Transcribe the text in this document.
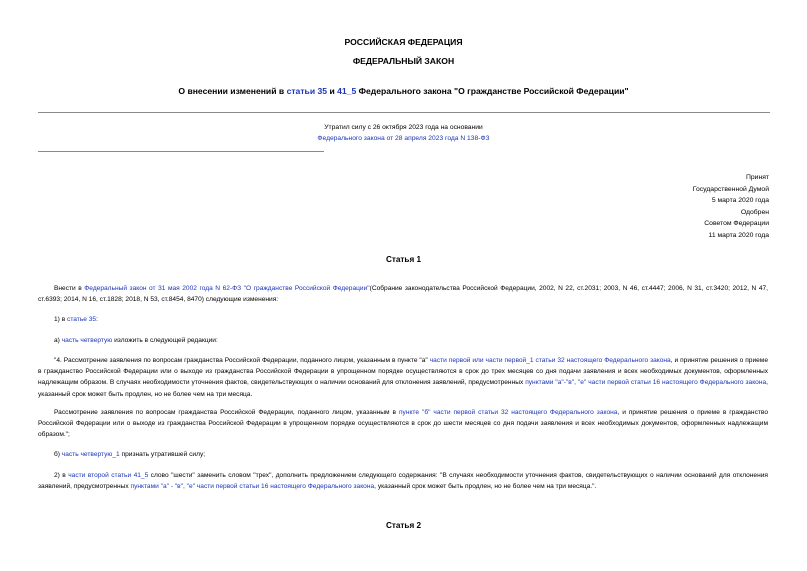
РОССИЙСКАЯ ФЕДЕРАЦИЯ
ФЕДЕРАЛЬНЫЙ ЗАКОН
О внесении изменений в статьи 35 и 41_5 Федерального закона "О гражданстве Российской Федерации"
Утратил силу с 26 октября 2023 года на основании
Федерального закона от 28 апреля 2023 года N 138-ФЗ
Принят
Государственной Думой
5 марта 2020 года
Одобрен
Советом Федерации
11 марта 2020 года
Статья 1

Внести в Федеральный закон от 31 мая 2002 года N 62-ФЗ "О гражданстве Российской Федерации"(Собрание законодательства Российской Федерации, 2002, N 22, ст.2031; 2003, N 46, ст.4447; 2006, N 31, ст.3420; 2012, N 47, ст.6393; 2014, N 16, ст.1828; 2018, N 53, ст.8454, 8470) следующие изменения:

1) в статье 35:

а) часть четвертую изложить в следующей редакции:

"4. Рассмотрение заявления по вопросам гражданства Российской Федерации, поданного лицом, указанным в пункте "а" части первой или части первой_1 статьи 32 настоящего Федерального закона, и принятие решения о приеме в гражданство Российской Федерации или о выходе из гражданства Российской Федерации в упрощенном порядке осуществляются в срок до трех месяцев со дня подачи заявления и всех необходимых документов, оформленных надлежащим образом. В случаях необходимости уточнения фактов, свидетельствующих о наличии оснований для отклонения заявлений, предусмотренных пунктами "а"-"в", "е" части первой статьи 16 настоящего Федерального закона, указанный срок может быть продлен, но не более чем на три месяца.

Рассмотрение заявления по вопросам гражданства Российской Федерации, поданного лицом, указанным в пункте "б" части первой статьи 32 настоящего Федерального закона, и принятие решения о приеме в гражданство Российской Федерации или о выходе из гражданства Российской Федерации в упрощенном порядке осуществляются в срок до шести месяцев со дня подачи заявления и всех необходимых документов, оформленных надлежащим образом.";

б) часть четвертую_1 признать утратившей силу;

2) в части второй статьи 41_5 слово "шести" заменить словом "трех", дополнить предложением следующего содержания: "В случаях необходимости уточнения фактов, свидетельствующих о наличии оснований для отклонения заявлений, предусмотренных пунктами "а" - "в", "е" части первой статьи 16 настоящего Федерального закона, указанный срок может быть продлен, но не более чем на три месяца.".

Статья 2
